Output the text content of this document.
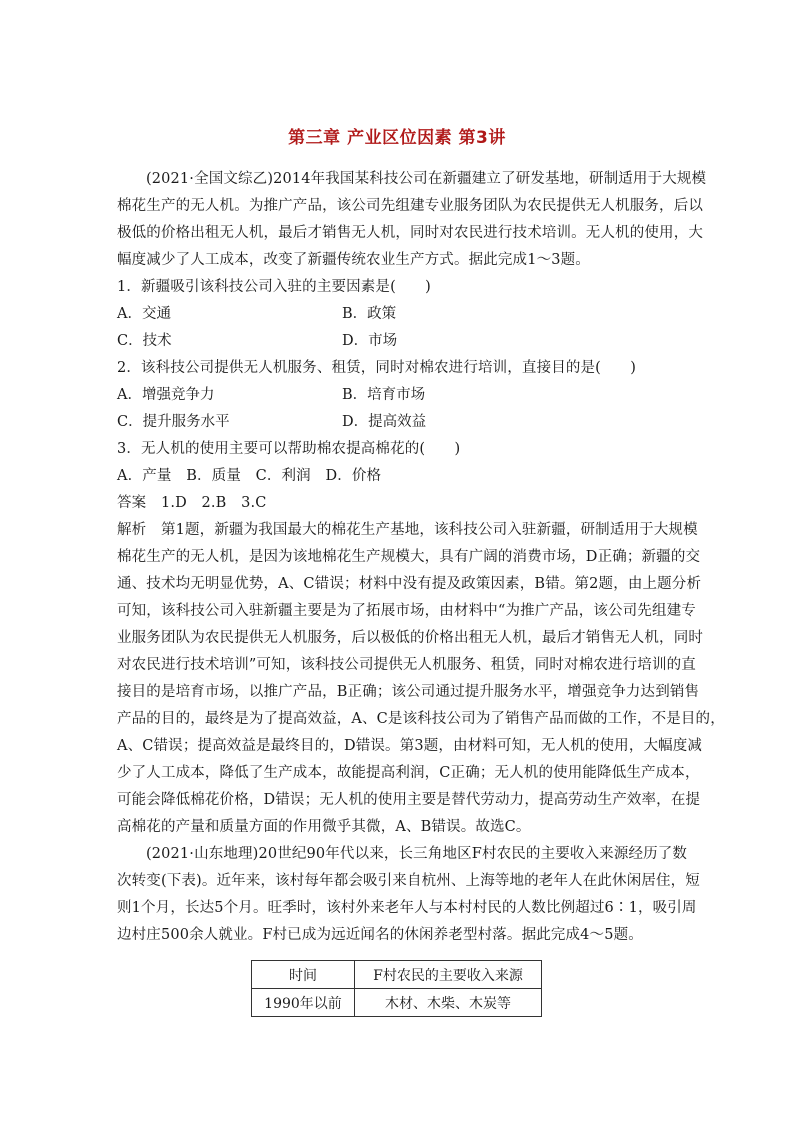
第三章 产业区位因素 第3讲
(2021·全国文综乙)2014年我国某科技公司在新疆建立了研发基地，研制适用于大规模
棉花生产的无人机。为推广产品，该公司先组建专业服务团队为农民提供无人机服务，后以
极低的价格出租无人机，最后才销售无人机，同时对农民进行技术培训。无人机的使用，大
幅度减少了人工成本，改变了新疆传统农业生产方式。据此完成1～3题。
1．新疆吸引该科技公司入驻的主要因素是(　　)
A．交通	B．政策
C．技术	D．市场
2．该科技公司提供无人机服务、租赁，同时对棉农进行培训，直接目的是(　　)
A．增强竞争力	B．培育市场
C．提升服务水平	D．提高效益
3．无人机的使用主要可以帮助棉农提高棉花的(　　)
A．产量　B．质量　C．利润　D．价格
答案　1.D　2.B　3.C
解析　第1题，新疆为我国最大的棉花生产基地，该科技公司入驻新疆，研制适用于大规模
棉花生产的无人机，是因为该地棉花生产规模大，具有广阔的消费市场，D正确；新疆的交
通、技术均无明显优势，A、C错误；材料中没有提及政策因素，B错。第2题，由上题分析
可知，该科技公司入驻新疆主要是为了拓展市场，由材料中“为推广产品，该公司先组建专
业服务团队为农民提供无人机服务，后以极低的价格出租无人机，最后才销售无人机，同时
对农民进行技术培训”可知，该科技公司提供无人机服务、租赁，同时对棉农进行培训的直
接目的是培育市场，以推广产品，B正确；该公司通过提升服务水平，增强竞争力达到销售
产品的目的，最终是为了提高效益，A、C是该科技公司为了销售产品而做的工作，不是目的，
A、C错误；提高效益是最终目的，D错误。第3题，由材料可知，无人机的使用，大幅度减
少了人工成本，降低了生产成本，故能提高利润，C正确；无人机的使用能降低生产成本，
可能会降低棉花价格，D错误；无人机的使用主要是替代劳动力，提高劳动生产效率，在提
高棉花的产量和质量方面的作用微乎其微，A、B错误。故选C。
(2021·山东地理)20世纪90年代以来，长三角地区F村农民的主要收入来源经历了数
次转变(下表)。近年来，该村每年都会吸引来自杭州、上海等地的老年人在此休闲居住，短
则1个月，长达5个月。旺季时，该村外来老年人与本村村民的人数比例超过6∶1，吸引周
边村庄500余人就业。F村已成为远近闻名的休闲养老型村落。据此完成4～5题。
时间	F村农民的主要收入来源
1990年以前	木材、木柴、木炭等
